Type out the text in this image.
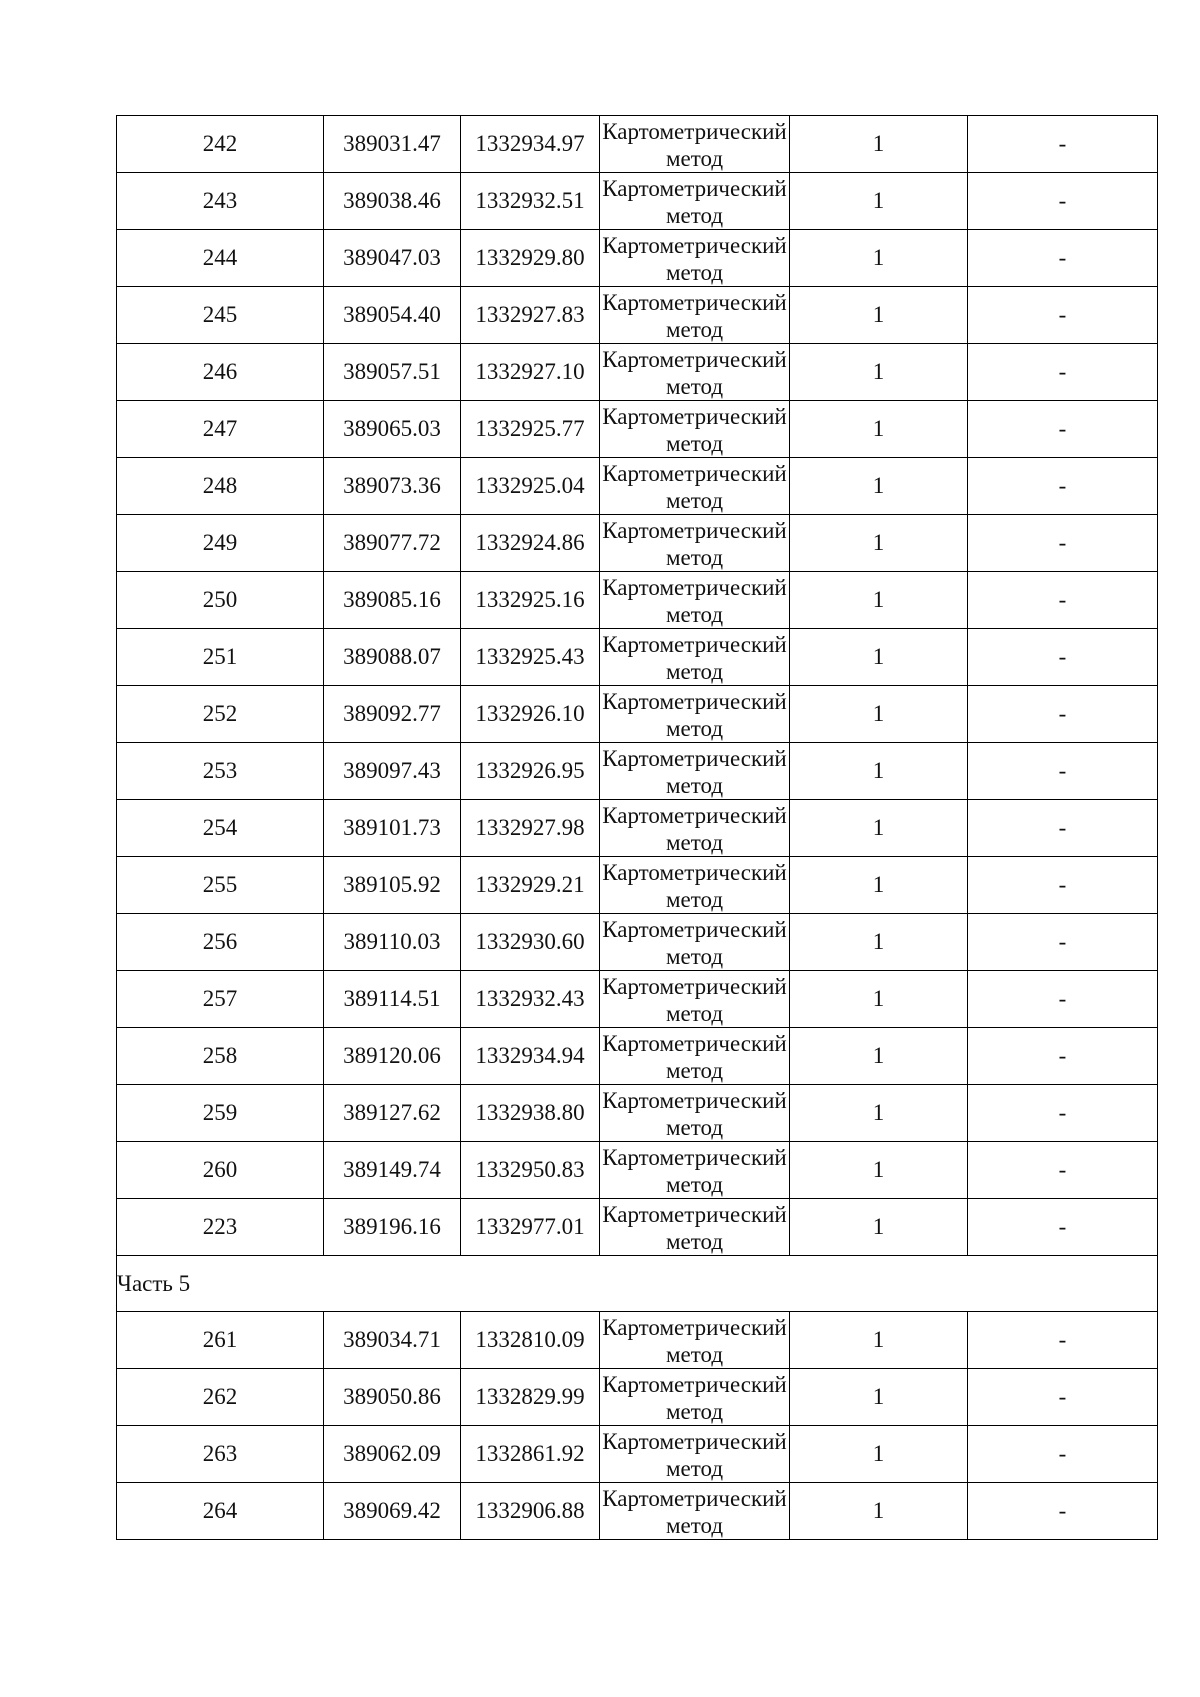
242	389031.47	1332934.97	Картометрический метод	1	-
243	389038.46	1332932.51	Картометрический метод	1	-
244	389047.03	1332929.80	Картометрический метод	1	-
245	389054.40	1332927.83	Картометрический метод	1	-
246	389057.51	1332927.10	Картометрический метод	1	-
247	389065.03	1332925.77	Картометрический метод	1	-
248	389073.36	1332925.04	Картометрический метод	1	-
249	389077.72	1332924.86	Картометрический метод	1	-
250	389085.16	1332925.16	Картометрический метод	1	-
251	389088.07	1332925.43	Картометрический метод	1	-
252	389092.77	1332926.10	Картометрический метод	1	-
253	389097.43	1332926.95	Картометрический метод	1	-
254	389101.73	1332927.98	Картометрический метод	1	-
255	389105.92	1332929.21	Картометрический метод	1	-
256	389110.03	1332930.60	Картометрический метод	1	-
257	389114.51	1332932.43	Картометрический метод	1	-
258	389120.06	1332934.94	Картометрический метод	1	-
259	389127.62	1332938.80	Картометрический метод	1	-
260	389149.74	1332950.83	Картометрический метод	1	-
223	389196.16	1332977.01	Картометрический метод	1	-
Часть 5					
261	389034.71	1332810.09	Картометрический метод	1	-
262	389050.86	1332829.99	Картометрический метод	1	-
263	389062.09	1332861.92	Картометрический метод	1	-
264	389069.42	1332906.88	Картометрический метод	1	-
